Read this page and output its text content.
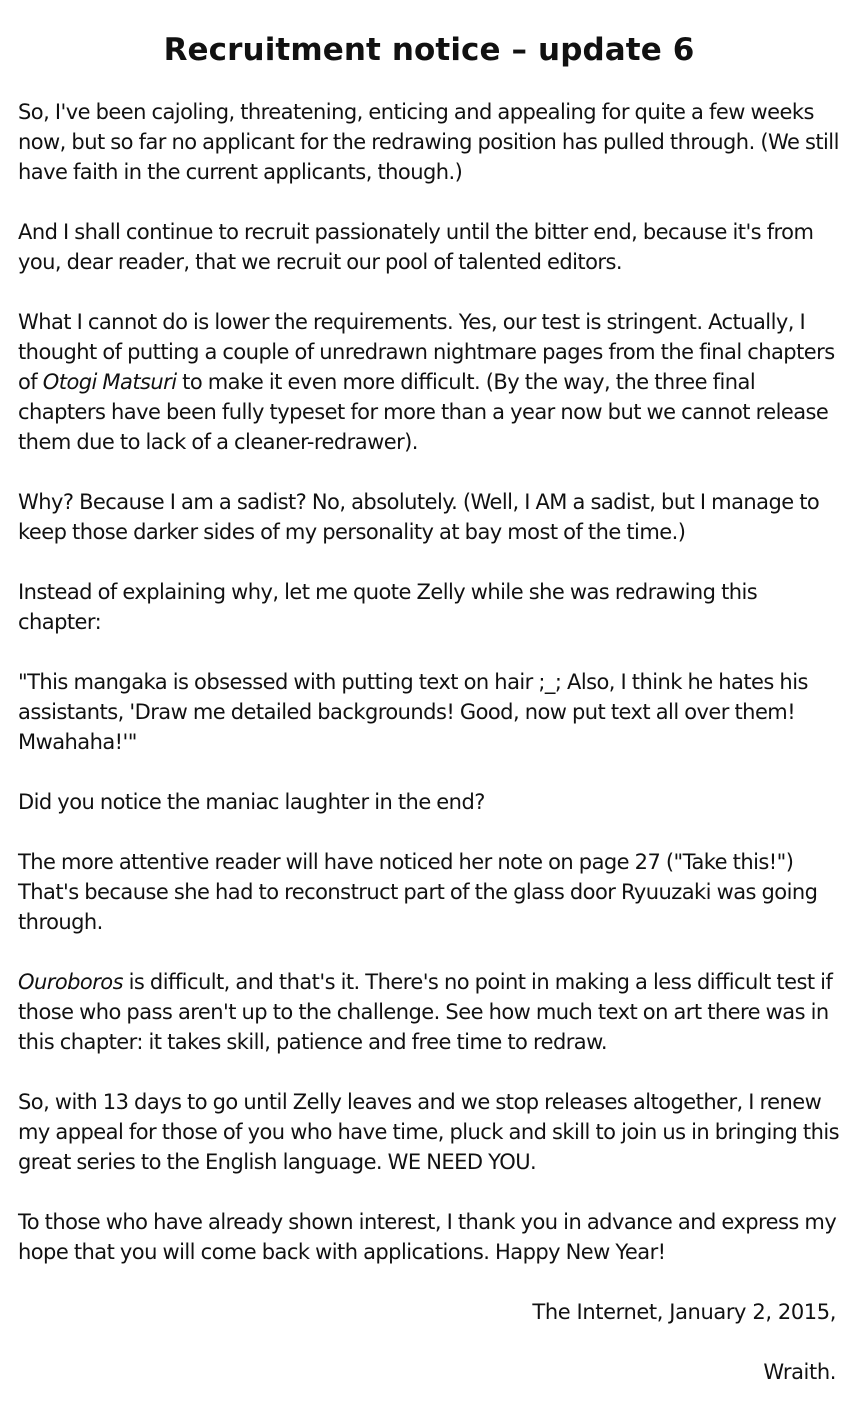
Recruitment notice – update 6

So, I've been cajoling, threatening, enticing and appealing for quite a few weeks now, but so far no applicant for the redrawing position has pulled through. (We still have faith in the current applicants, though.)

And I shall continue to recruit passionately until the bitter end, because it's from you, dear reader, that we recruit our pool of talented editors.

What I cannot do is lower the requirements. Yes, our test is stringent. Actually, I thought of putting a couple of unredrawn nightmare pages from the final chapters of Otogi Matsuri to make it even more difficult. (By the way, the three final chapters have been fully typeset for more than a year now but we cannot release them due to lack of a cleaner-redrawer).

Why? Because I am a sadist? No, absolutely. (Well, I AM a sadist, but I manage to keep those darker sides of my personality at bay most of the time.)

Instead of explaining why, let me quote Zelly while she was redrawing this chapter:

"This mangaka is obsessed with putting text on hair ;_; Also, I think he hates his assistants, 'Draw me detailed backgrounds! Good, now put text all over them! Mwahaha!'"

Did you notice the maniac laughter in the end?

The more attentive reader will have noticed her note on page 27 ("Take this!") That's because she had to reconstruct part of the glass door Ryuuzaki was going through.

Ouroboros is difficult, and that's it. There's no point in making a less difficult test if those who pass aren't up to the challenge. See how much text on art there was in this chapter: it takes skill, patience and free time to redraw.

So, with 13 days to go until Zelly leaves and we stop releases altogether, I renew my appeal for those of you who have time, pluck and skill to join us in bringing this great series to the English language. WE NEED YOU.

To those who have already shown interest, I thank you in advance and express my hope that you will come back with applications. Happy New Year!

The Internet, January 2, 2015,
Wraith.
